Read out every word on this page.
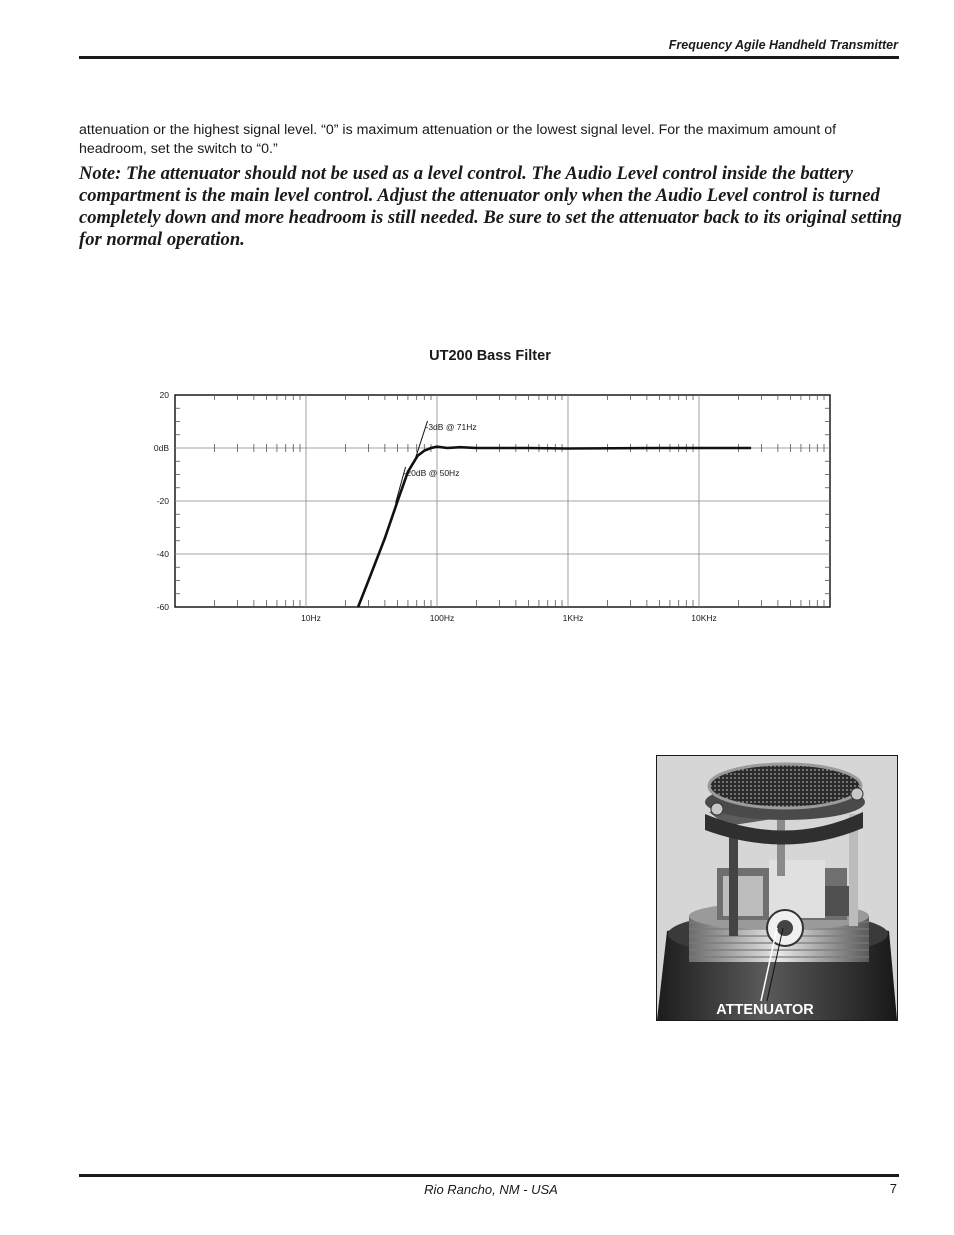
Frequency Agile Handheld Transmitter
attenuation or the highest signal level. “0” is maximum attenuation or the lowest signal level. For the maximum amount of headroom, set the switch to “0.”
Note: The attenuator should not be used as a level control. The Audio Level control inside the battery compartment is the main level control. Adjust the attenuator only when the Audio Level control is turned completely down and more headroom is still needed. Be sure to set the attenuator back to its original setting for normal operation.
UT200 Bass Filter
20
0dB
-20
-40
-60
10Hz	100Hz	1KHz	10KHz
-3dB @ 71Hz
-20dB @ 50Hz
ATTENUATOR
Rio Rancho, NM - USA	7
